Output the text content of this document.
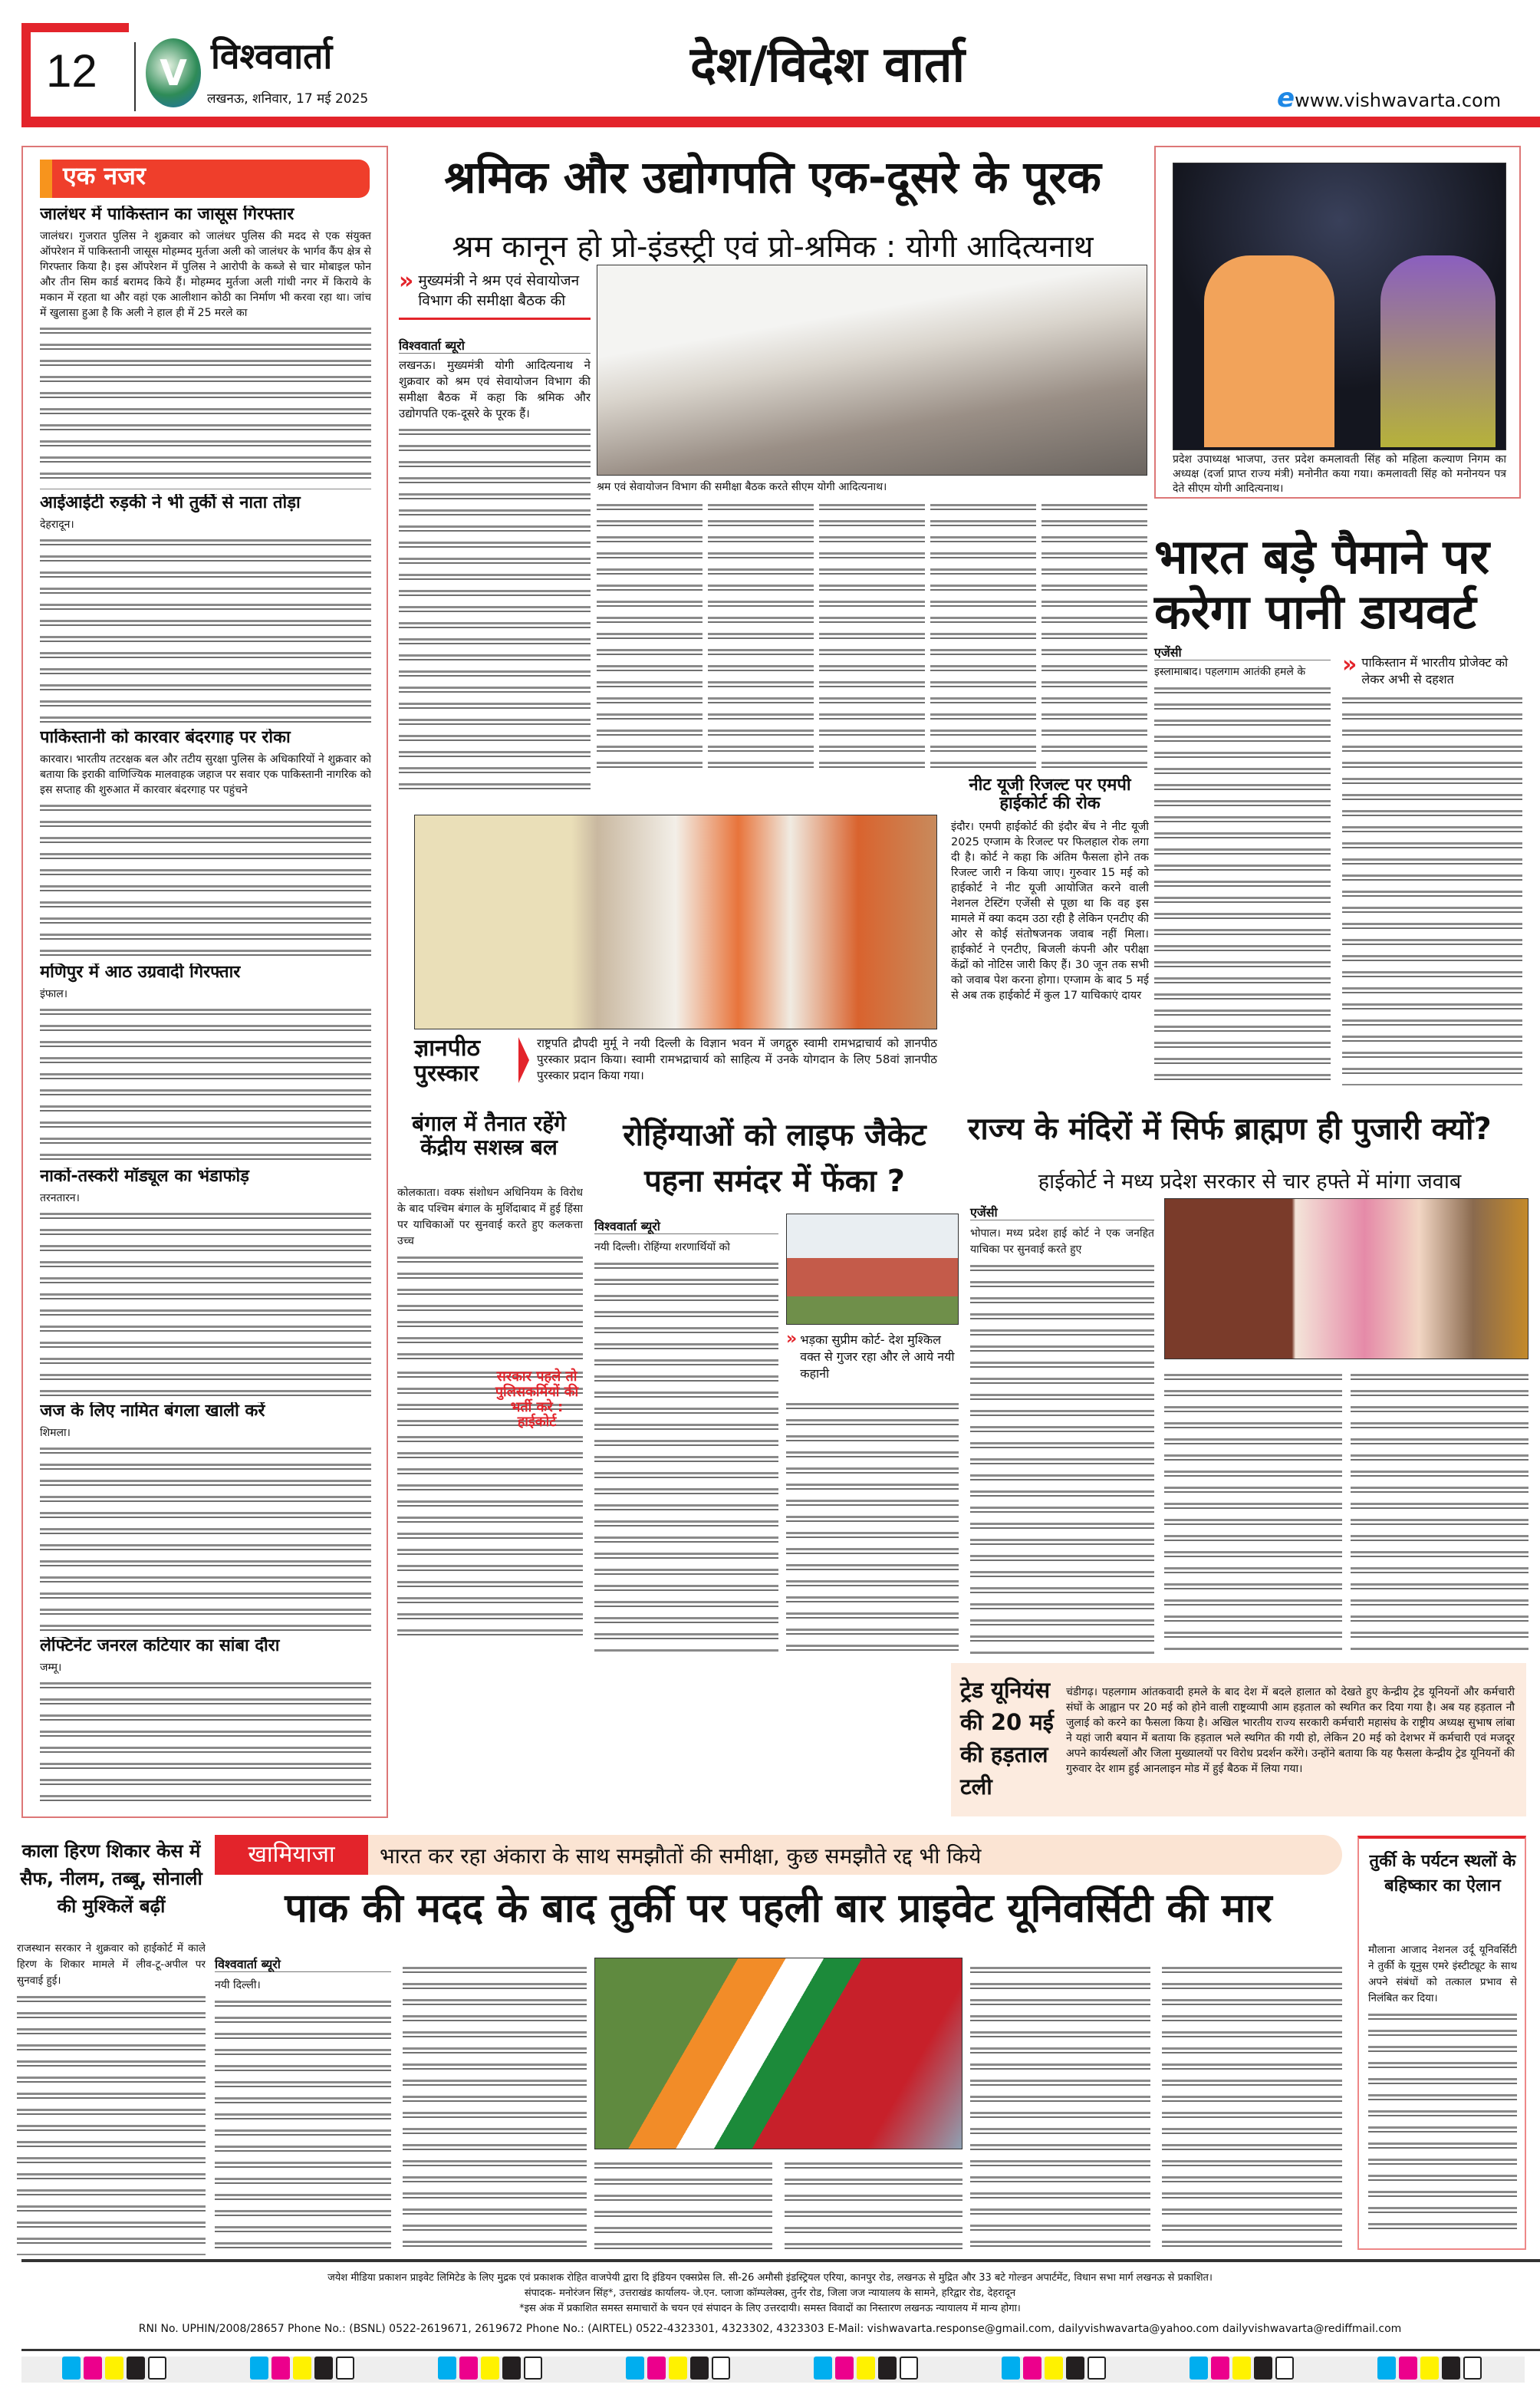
12	V विश्ववार्ता
लखनऊ, शनिवार, 17 मई 2025
देश/विदेश वार्ता
ewww.vishwavarta.com
एक नजर
जालंधर में पाकिस्तान का जासूस गिरफ्तार
जालंधर। गुजरात पुलिस ने शुक्रवार को जालंधर पुलिस की मदद से एक संयुक्त ऑपरेशन में पाकिस्तानी जासूस मोहम्मद मुर्तजा अली को जालंधर के भार्गव कैंप क्षेत्र से गिरफ्तार किया है। इस ऑपरेशन में पुलिस ने आरोपी के कब्जे से चार मोबाइल फोन और तीन सिम कार्ड बरामद किये हैं। मोहम्मद मुर्तजा अली गांधी नगर में किराये के मकान में रहता था और वहां एक आलीशान कोठी का निर्माण भी करवा रहा था। जांच में खुलासा हुआ है कि अली ने हाल ही में 25 मरले का
आईआईटी रुड़की ने भी तुर्की से नाता तोड़ा
देहरादून।
पाकिस्तानी को कारवार बंदरगाह पर रोका
कारवार। भारतीय तटरक्षक बल और तटीय सुरक्षा पुलिस के अधिकारियों ने शुक्रवार को बताया कि इराकी वाणिज्यिक मालवाहक जहाज पर सवार एक पाकिस्तानी नागरिक को इस सप्ताह की शुरुआत में कारवार बंदरगाह पर पहुंचने
मणिपुर में आठ उग्रवादी गिरफ्तार
इंफाल।
नार्को-तस्करी मॉड्यूल का भंडाफोड़
तरनतारन।
जज के लिए नामित बंगला खाली करें
शिमला।
लेफ्टिनेंट जनरल कटियार का सांबा दौरा
जम्मू।
श्रमिक और उद्योगपति एक-दूसरे के पूरक
श्रम कानून हो प्रो-इंडस्ट्री एवं प्रो-श्रमिक : योगी आदित्यनाथ
» मुख्यमंत्री ने श्रम एवं सेवायोजन विभाग की समीक्षा बैठक की
विश्ववार्ता ब्यूरो
लखनऊ। मुख्यमंत्री योगी आदित्यनाथ ने शुक्रवार को श्रम एवं सेवायोजन विभाग की समीक्षा बैठक में कहा कि श्रमिक और उद्योगपति एक-दूसरे के पूरक हैं।
श्रम एवं सेवायोजन विभाग की समीक्षा बैठक करते सीएम योगी आदित्यनाथ।
नीट यूजी रिजल्ट पर एमपी हाईकोर्ट की रोक
इंदौर। एमपी हाईकोर्ट की इंदौर बेंच ने नीट यूजी 2025 एग्जाम के रिजल्ट पर फिलहाल रोक लगा दी है। कोर्ट ने कहा कि अंतिम फैसला होने तक रिजल्ट जारी न किया जाए। गुरुवार 15 मई को हाईकोर्ट ने नीट यूजी आयोजित करने वाली नेशनल टेस्टिंग एजेंसी से पूछा था कि वह इस मामले में क्या कदम उठा रही है लेकिन एनटीए की ओर से कोई संतोषजनक जवाब नहीं मिला। हाईकोर्ट ने एनटीए, बिजली कंपनी और परीक्षा केंद्रों को नोटिस जारी किए हैं। 30 जून तक सभी को जवाब पेश करना होगा। एग्जाम के बाद 5 मई से अब तक हाईकोर्ट में कुल 17 याचिकाएं दायर
ज्ञानपीठ पुरस्कार
राष्ट्रपति द्रौपदी मुर्मू ने नयी दिल्ली के विज्ञान भवन में जगद्गुरु स्वामी रामभद्राचार्य को ज्ञानपीठ पुरस्कार प्रदान किया। स्वामी रामभद्राचार्य को साहित्य में उनके योगदान के लिए 58वां ज्ञानपीठ पुरस्कार प्रदान किया गया।
प्रदेश उपाध्यक्ष भाजपा, उत्तर प्रदेश कमलावती सिंह को महिला कल्याण निगम का अध्यक्ष (दर्जा प्राप्त राज्य मंत्री) मनोनीत कया गया। कमलावती सिंह को मनोनयन पत्र देते सीएम योगी आदित्यनाथ।
भारत बड़े पैमाने पर करेगा पानी डायवर्ट
एजेंसी	» पाकिस्तान में भारतीय प्रोजेक्ट को लेकर अभी से दहशत
इस्लामाबाद। पहलगाम आतंकी हमले के
बंगाल में तैनात रहेंगे केंद्रीय सशस्त्र बल
कोलकाता। वक्फ संशोधन अधिनियम के विरोध के बाद पश्चिम बंगाल के मुर्शिदाबाद में हुई हिंसा पर याचिकाओं पर सुनवाई करते हुए कलकत्ता उच्च
सरकार पहले तो पुलिसकर्मियों की भर्ती करे : हाईकोर्ट
रोहिंग्याओं को लाइफ जैकेट पहना समंदर में फेंका ?
विश्ववार्ता ब्यूरो
नयी दिल्ली। रोहिंग्या शरणार्थियों को
» भड़का सुप्रीम कोर्ट- देश मुश्किल वक्त से गुजर रहा और ले आये नयी कहानी
राज्य के मंदिरों में सिर्फ ब्राह्मण ही पुजारी क्यों?
हाईकोर्ट ने मध्य प्रदेश सरकार से चार हफ्ते में मांगा जवाब
एजेंसी
भोपाल। मध्य प्रदेश हाई कोर्ट ने एक जनहित याचिका पर सुनवाई करते हुए
ट्रेड यूनियंस की 20 मई की हड़ताल टली
चंडीगढ़। पहलगाम आंतकवादी हमले के बाद देश में बदले हालात को देखते हुए केन्द्रीय ट्रेड यूनियनों और कर्मचारी संघों के आह्वान पर 20 मई को होने वाली राष्ट्रव्यापी आम हड़ताल को स्थगित कर दिया गया है। अब यह हड़ताल नौ जुलाई को करने का फैसला किया है। अखिल भारतीय राज्य सरकारी कर्मचारी महासंघ के राष्ट्रीय अध्यक्ष सुभाष लांबा ने यहां जारी बयान में बताया कि हड़ताल भले स्थगित की गयी हो, लेकिन 20 मई को देशभर में कर्मचारी एवं मजदूर अपने कार्यस्थलों और जिला मुख्यालयों पर विरोध प्रदर्शन करेंगे। उन्होंने बताया कि यह फैसला केन्द्रीय ट्रेड यूनियनों की गुरुवार देर शाम हुई आनलाइन मोड में हुई बैठक में लिया गया।
काला हिरण शिकार केस में सैफ, नीलम, तब्बू, सोनाली की मुश्किलें बढ़ीं
राजस्थान सरकार ने शुक्रवार को हाईकोर्ट में काले हिरण के शिकार मामले में लीव-टू-अपील पर सुनवाई हुई।
खामियाजा	भारत कर रहा अंकारा के साथ समझौतों की समीक्षा, कुछ समझौते रद्द भी किये
पाक की मदद के बाद तुर्की पर पहली बार प्राइवेट यूनिवर्सिटी की मार
विश्ववार्ता ब्यूरो
नयी दिल्ली।
तुर्की के पर्यटन स्थलों के बहिष्कार का ऐलान
मौलाना आजाद नेशनल उर्दू यूनिवर्सिटी ने तुर्की के यूनुस एमरे इंस्टीट्यूट के साथ अपने संबंधों को तत्काल प्रभाव से निलंबित कर दिया।
जयेश मीडिया प्रकाशन प्राइवेट लिमिटेड के लिए मुद्रक एवं प्रकाशक रोहित वाजपेयी द्वारा दि इंडियन एक्सप्रेस लि. सी-26 अमौसी इंडस्ट्रियल एरिया, कानपुर रोड, लखनऊ से मुद्रित और 33 बटे गोल्डन अपार्टमेंट, विधान सभा मार्ग लखनऊ से प्रकाशित।
संपादक- मनोरंजन सिंह*, उत्तराखंड कार्यालय- जे.एन. प्लाजा कॉम्पलेक्स, तुर्नर रोड, जिला जज न्यायालय के सामने, हरिद्वार रोड, देहरादून
*इस अंक में प्रकाशित समस्त समाचारों के चयन एवं संपादन के लिए उत्तरदायी। समस्त विवादों का निस्तारण लखनऊ न्यायालय में मान्य होगा।
RNI No. UPHIN/2008/28657 Phone No.: (BSNL) 0522-2619671, 2619672 Phone No.: (AIRTEL) 0522-4323301, 4323302, 4323303 E-Mail: vishwavarta.response@gmail.com, dailyvishwavarta@yahoo.com dailyvishwavarta@rediffmail.com
